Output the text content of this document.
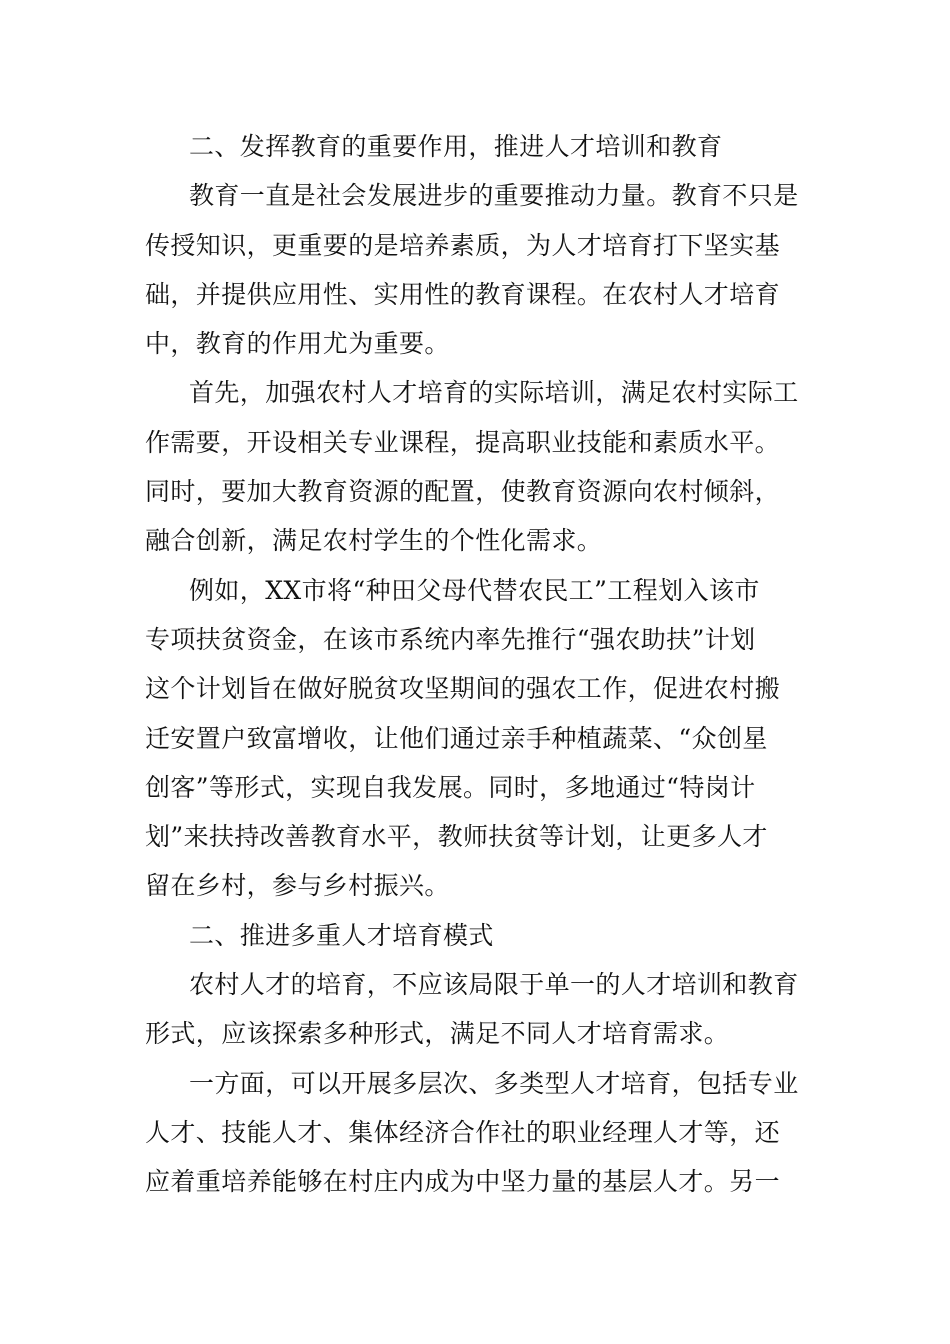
二、发挥教育的重要作用，推进人才培训和教育
教育一直是社会发展进步的重要推动力量。教育不只是
传授知识，更重要的是培养素质，为人才培育打下坚实基
础，并提供应用性、实用性的教育课程。在农村人才培育
中，教育的作用尤为重要。
首先，加强农村人才培育的实际培训，满足农村实际工
作需要，开设相关专业课程，提高职业技能和素质水平。
同时，要加大教育资源的配置，使教育资源向农村倾斜，
融合创新，满足农村学生的个性化需求。
例如，XX市将“种田父母代替农民工”工程划入该市
专项扶贫资金，在该市系统内率先推行“强农助扶”计划
这个计划旨在做好脱贫攻坚期间的强农工作，促进农村搬
迁安置户致富增收，让他们通过亲手种植蔬菜、“众创星
创客”等形式，实现自我发展。同时，多地通过“特岗计
划”来扶持改善教育水平，教师扶贫等计划，让更多人才
留在乡村，参与乡村振兴。
二、推进多重人才培育模式
农村人才的培育，不应该局限于单一的人才培训和教育
形式，应该探索多种形式，满足不同人才培育需求。
一方面，可以开展多层次、多类型人才培育，包括专业
人才、技能人才、集体经济合作社的职业经理人才等，还
应着重培养能够在村庄内成为中坚力量的基层人才。另一
